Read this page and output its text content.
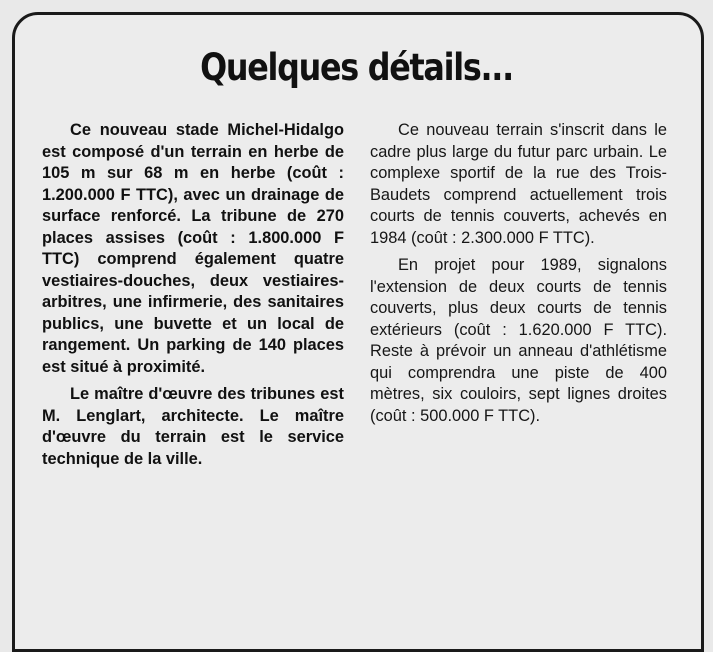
Quelques détails...

Ce nouveau stade Michel-Hidalgo est composé d'un terrain en herbe de 105 m sur 68 m en herbe (coût : 1.200.000 F TTC), avec un drainage de surface renforcé. La tribune de 270 places assises (coût : 1.800.000 F TTC) comprend également quatre vestiaires-douches, deux vestiaires-arbitres, une infirmerie, des sanitaires publics, une buvette et un local de rangement. Un parking de 140 places est situé à proximité.

Le maître d'œuvre des tribunes est M. Lenglart, architecte. Le maître d'œuvre du terrain est le service technique de la ville.

Ce nouveau terrain s'inscrit dans le cadre plus large du futur parc urbain. Le complexe sportif de la rue des Trois-Baudets comprend actuellement trois courts de tennis couverts, achevés en 1984 (coût : 2.300.000 F TTC).

En projet pour 1989, signalons l'extension de deux courts de tennis couverts, plus deux courts de tennis extérieurs (coût : 1.620.000 F TTC). Reste à prévoir un anneau d'athlétisme qui comprendra une piste de 400 mètres, six couloirs, sept lignes droites (coût : 500.000 F TTC).
